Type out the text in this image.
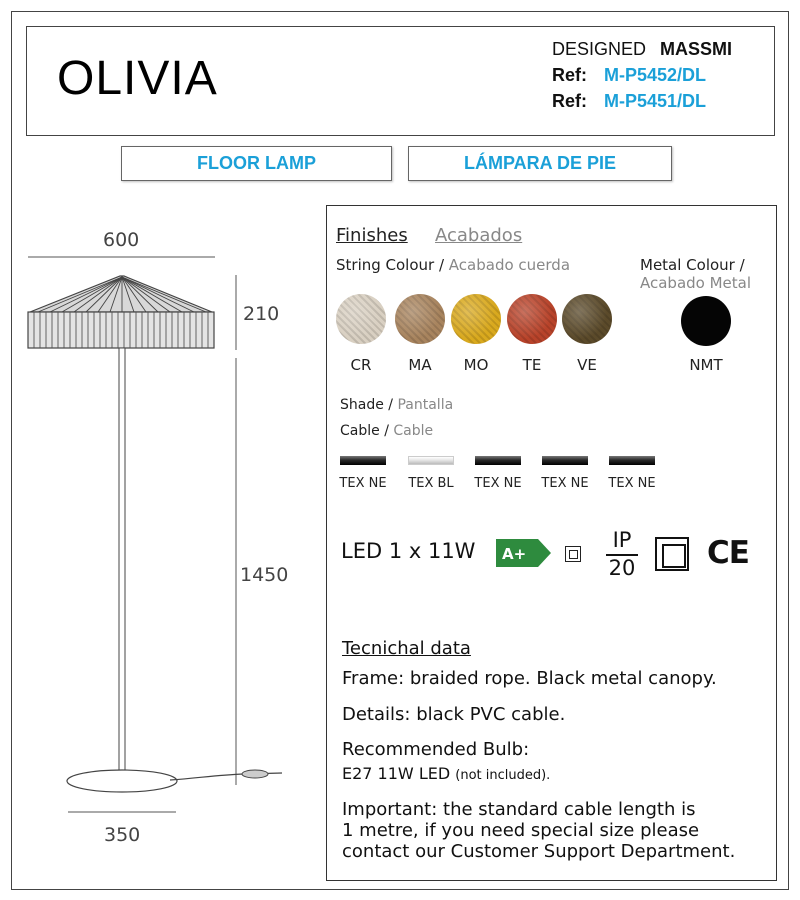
OLIVIA
DESIGNED MASSMI
Ref: M-P5452/DL
Ref: M-P5451/DL
FLOOR LAMP	LÁMPARA DE PIE
600
210
1450
350
Finishes Acabados
String Colour / Acabado cuerda	Metal Colour /
Acabado Metal
CR	MA	MO	TE	VE	NMT
Shade / Pantalla
Cable / Cable
TEX NE	TEX BL	TEX NE	TEX NE	TEX NE
LED 1 x 11W A+
IP
20 CE
Tecnichal data
Frame: braided rope. Black metal canopy.
Details: black PVC cable.
Recommended Bulb:
E27 11W LED (not included).
Important: the standard cable length is
1 metre, if you need special size please
contact our Customer Support Department.
